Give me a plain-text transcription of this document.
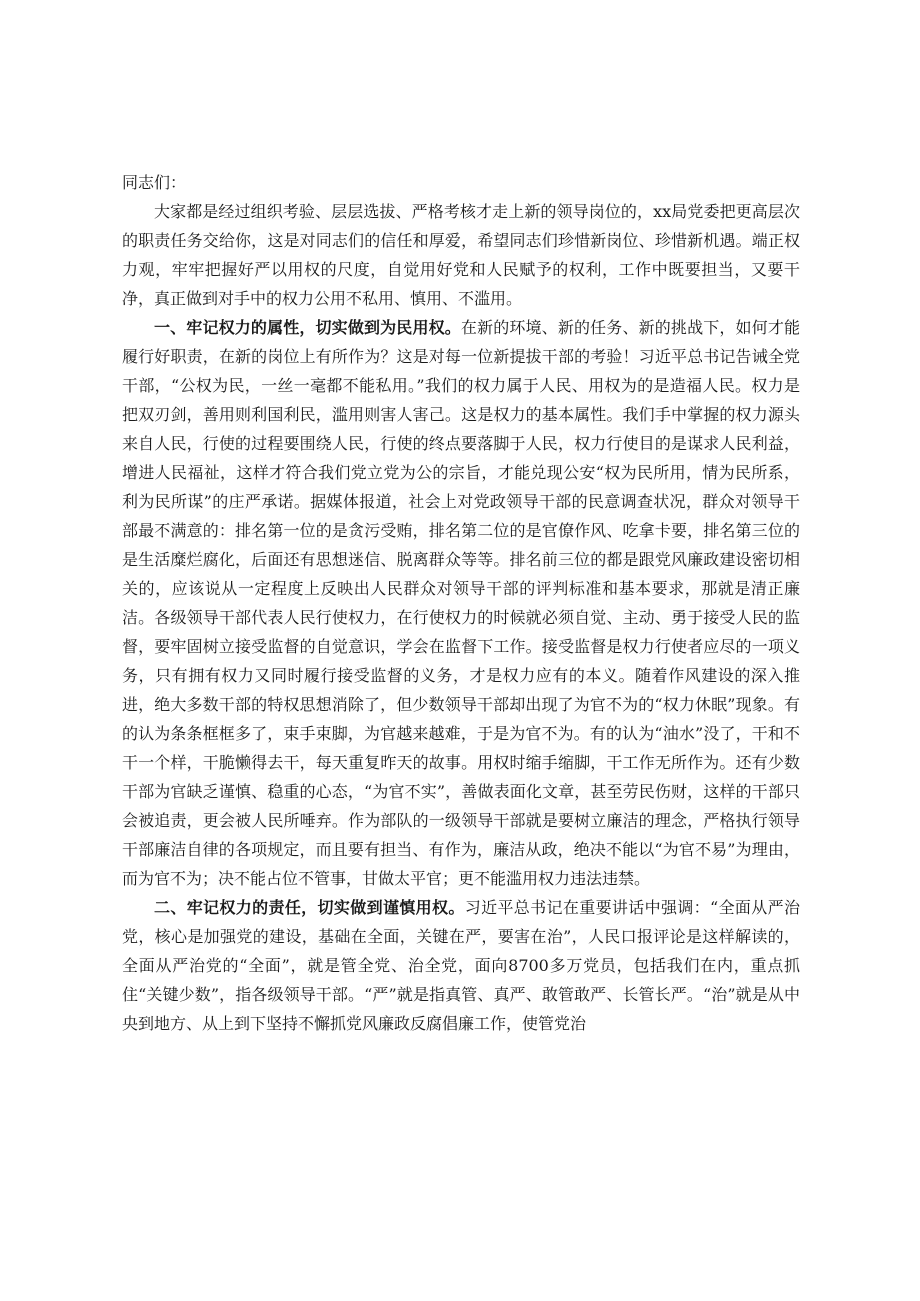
同志们：

大家都是经过组织考验、层层选拔、严格考核才走上新的领导岗位的，xx局党委把更高层次的职责任务交给你，这是对同志们的信任和厚爱，希望同志们珍惜新岗位、珍惜新机遇。端正权力观，牢牢把握好严以用权的尺度，自觉用好党和人民赋予的权利，工作中既要担当，又要干净，真正做到对手中的权力公用不私用、慎用、不滥用。

一、牢记权力的属性，切实做到为民用权。在新的环境、新的任务、新的挑战下，如何才能履行好职责，在新的岗位上有所作为？这是对每一位新提拔干部的考验！习近平总书记告诫全党干部，“公权为民，一丝一毫都不能私用。”我们的权力属于人民、用权为的是造福人民。权力是把双刃剑，善用则利国利民，滥用则害人害己。这是权力的基本属性。我们手中掌握的权力源头来自人民，行使的过程要围绕人民，行使的终点要落脚于人民，权力行使目的是谋求人民利益，增进人民福祉，这样才符合我们党立党为公的宗旨，才能兑现公安“权为民所用，情为民所系，利为民所谋”的庄严承诺。据媒体报道，社会上对党政领导干部的民意调查状况，群众对领导干部最不满意的：排名第一位的是贪污受贿，排名第二位的是官僚作风、吃拿卡要，排名第三位的是生活糜烂腐化，后面还有思想迷信、脱离群众等等。排名前三位的都是跟党风廉政建设密切相关的，应该说从一定程度上反映出人民群众对领导干部的评判标准和基本要求，那就是清正廉洁。各级领导干部代表人民行使权力，在行使权力的时候就必须自觉、主动、勇于接受人民的监督，要牢固树立接受监督的自觉意识，学会在监督下工作。接受监督是权力行使者应尽的一项义务，只有拥有权力又同时履行接受监督的义务，才是权力应有的本义。随着作风建设的深入推进，绝大多数干部的特权思想消除了，但少数领导干部却出现了为官不为的“权力休眠”现象。有的认为条条框框多了，束手束脚，为官越来越难，于是为官不为。有的认为“油水”没了，干和不干一个样，干脆懒得去干，每天重复昨天的故事。用权时缩手缩脚，干工作无所作为。还有少数干部为官缺乏谨慎、稳重的心态，“为官不实”，善做表面化文章，甚至劳民伤财，这样的干部只会被追责，更会被人民所唾弃。作为部队的一级领导干部就是要树立廉洁的理念，严格执行领导干部廉洁自律的各项规定，而且要有担当、有作为，廉洁从政，绝决不能以“为官不易”为理由，而为官不为；决不能占位不管事，甘做太平官；更不能滥用权力违法违禁。

二、牢记权力的责任，切实做到谨慎用权。习近平总书记在重要讲话中强调：“全面从严治党，核心是加强党的建设，基础在全面，关键在严，要害在治”，人民口报评论是这样解读的，全面从严治党的“全面”，就是管全党、治全党，面向8700多万党员，包括我们在内，重点抓住“关键少数”，指各级领导干部。“严”就是指真管、真严、敢管敢严、长管长严。“治”就是从中央到地方、从上到下坚持不懈抓党风廉政反腐倡廉工作，使管党治
